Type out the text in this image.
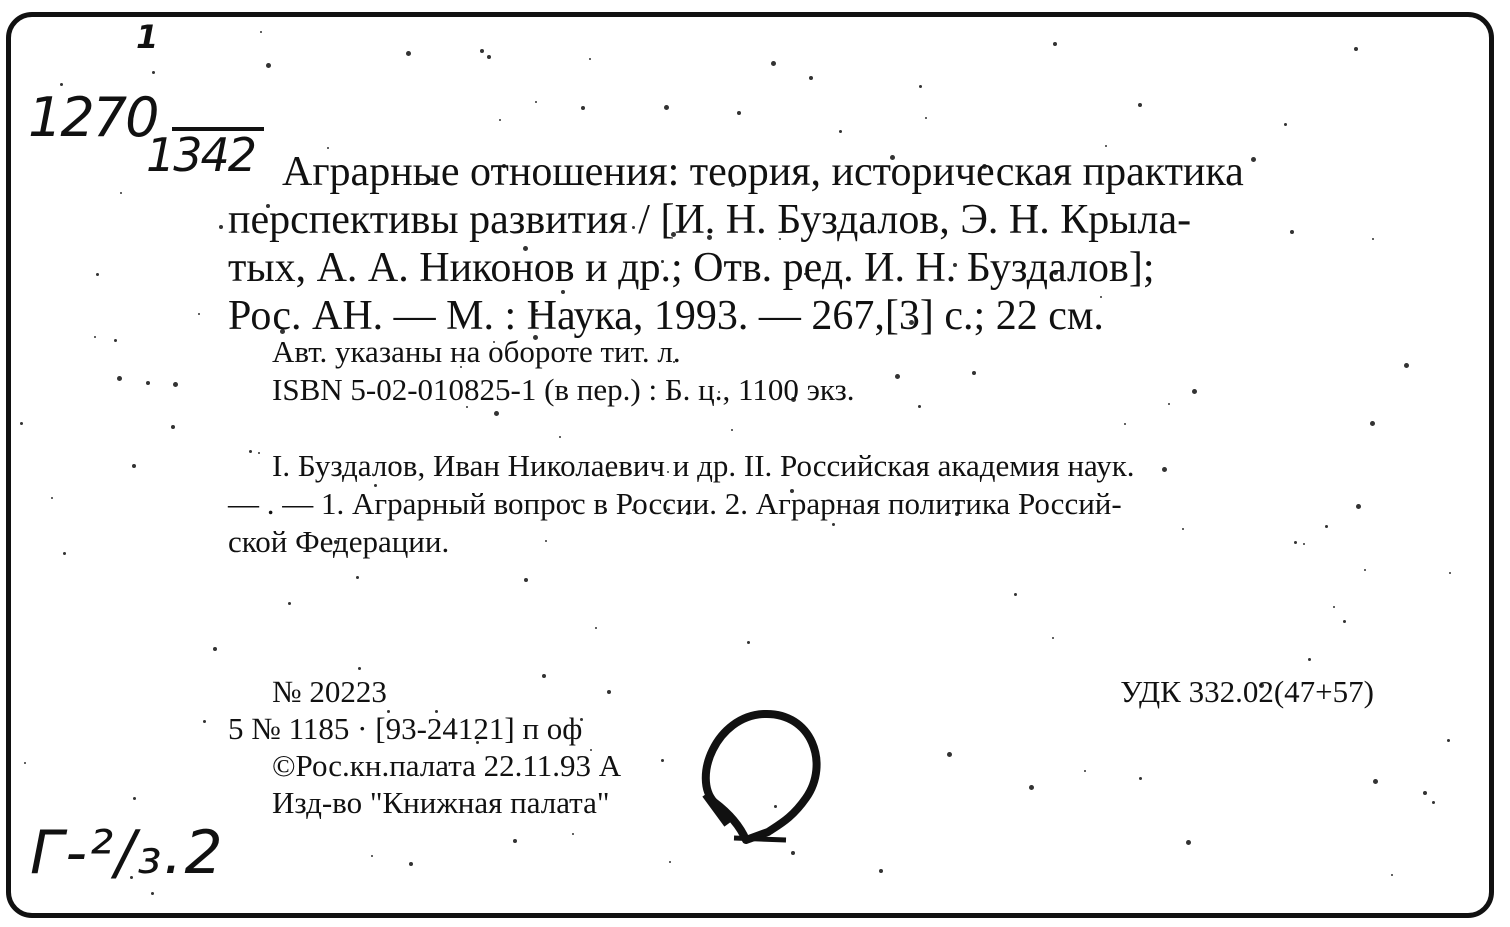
1
1270
1342 Аграрные отношения: теория, историческая практика
перспективы развития / [И. Н. Буздалов, Э. Н. Крыла-
тых, А. А. Никонов и др.; Отв. ред. И. Н. Буздалов];
Рос. АН. — М. : Наука, 1993. — 267,[3] с.; 22 см.
Авт. указаны на обороте тит. л.
ISBN 5-02-010825-1 (в пер.) : Б. ц., 1100 экз.
I. Буздалов, Иван Николаевич и др. II. Российская академия наук.
— . — 1. Аграрный вопрос в России. 2. Аграрная политика Россий-
ской Федерации.
№ 20223
5 № 1185 · [93-24121] п оф
©Рос.кн.палата 22.11.93 А
Изд-во "Книжная палата"
УДК 332.02(47+57)
Г-²/₃.2
